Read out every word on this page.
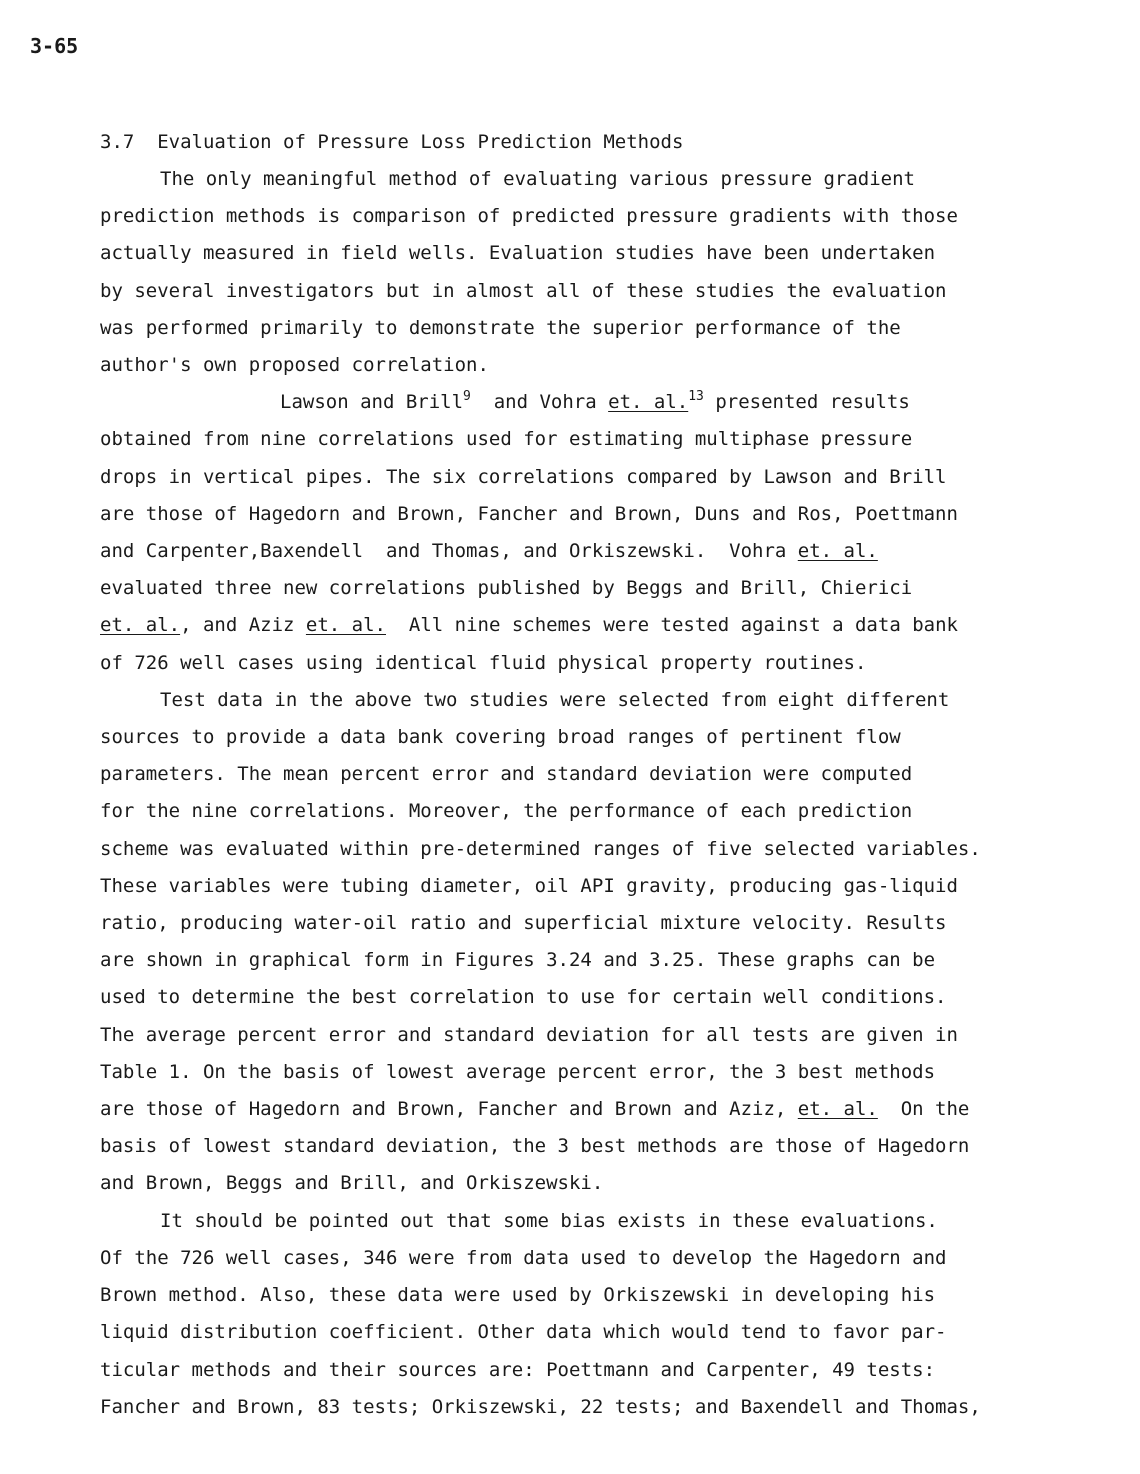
3-65

3.7 Evaluation of Pressure Loss Prediction Methods

The only meaningful method of evaluating various pressure gradient

prediction methods is comparison of predicted pressure gradients with those

actually measured in field wells. Evaluation studies have been undertaken

by several investigators but in almost all of these studies the evaluation

was performed primarily to demonstrate the superior performance of the

author's own proposed correlation.

Lawson and Brill$^9$  and Vohra et. al.$^{13}$ presented results

obtained from nine correlations used for estimating multiphase pressure

drops in vertical pipes. The six correlations compared by Lawson and Brill

are those of Hagedorn and Brown, Fancher and Brown, Duns and Ros, Poettmann

and Carpenter,Baxendell  and Thomas, and Orkiszewski.  Vohra et. al.

evaluated three new correlations published by Beggs and Brill, Chierici

et. al., and Aziz et. al.  All nine schemes were tested against a data bank

of 726 well cases using identical fluid physical property routines.

Test data in the above two studies were selected from eight different

sources to provide a data bank covering broad ranges of pertinent flow

parameters. The mean percent error and standard deviation were computed

for the nine correlations. Moreover, the performance of each prediction

scheme was evaluated within pre-determined ranges of five selected variables.

These variables were tubing diameter, oil API gravity, producing gas-liquid

ratio, producing water-oil ratio and superficial mixture velocity. Results

are shown in graphical form in Figures 3.24 and 3.25. These graphs can be

used to determine the best correlation to use for certain well conditions.

The average percent error and standard deviation for all tests are given in

Table 1. On the basis of lowest average percent error, the 3 best methods

are those of Hagedorn and Brown, Fancher and Brown and Aziz, et. al.  On the

basis of lowest standard deviation, the 3 best methods are those of Hagedorn

and Brown, Beggs and Brill, and Orkiszewski.

It should be pointed out that some bias exists in these evaluations.

Of the 726 well cases, 346 were from data used to develop the Hagedorn and

Brown method. Also, these data were used by Orkiszewski in developing his

liquid distribution coefficient. Other data which would tend to favor par-

ticular methods and their sources are: Poettmann and Carpenter, 49 tests:

Fancher and Brown, 83 tests; Orkiszewski, 22 tests; and Baxendell and Thomas,
